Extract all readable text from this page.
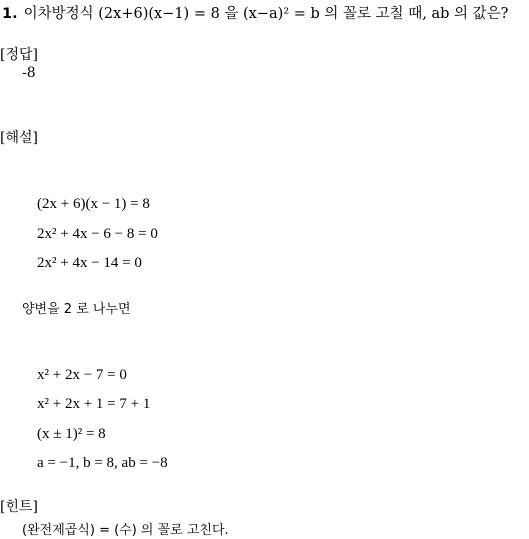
1. 이차방정식 (2x+6)(x−1) = 8 을 (x−a)² = b 의 꼴로 고칠 때, ab 의 값은?
[정답]
-8
[해설]
(2x + 6)(x − 1) = 8
2x² + 4x − 6 − 8 = 0
2x² + 4x − 14 = 0
양변을 2 로 나누면
x² + 2x − 7 = 0
x² + 2x + 1 = 7 + 1
(x ± 1)² = 8
a = −1, b = 8, ab = −8
[힌트]
(완전제곱식) = (수) 의 꼴로 고친다.
